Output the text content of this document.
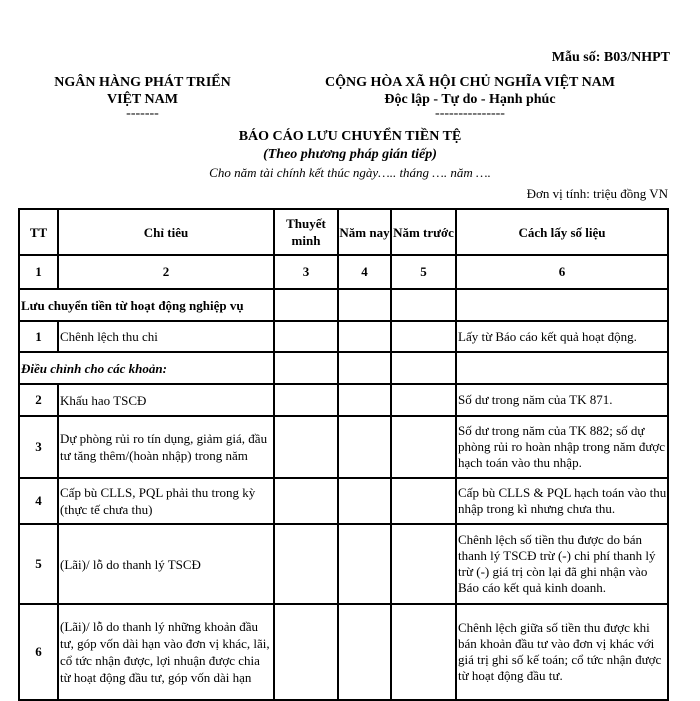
Mẫu số: B03/NHPT
NGÂN HÀNG PHÁT TRIỂN
VIỆT NAM
-------
CỘNG HÒA XÃ HỘI CHỦ NGHĨA VIỆT NAM
Độc lập - Tự do - Hạnh phúc
---------------
BÁO CÁO LƯU CHUYỂN TIỀN TỆ
(Theo phương pháp gián tiếp)
Cho năm tài chính kết thúc ngày….. tháng …. năm ….
Đơn vị tính: triệu đồng VN
TT	Chỉ tiêu	Thuyết minh	Năm nay	Năm trước	Cách lấy số liệu
1	2	3	4	5	6
Lưu chuyển tiền từ hoạt động nghiệp vụ					
1	Chênh lệch thu chi				Lấy từ Báo cáo kết quả hoạt động.
Điều chỉnh cho các khoản:					
2	Khấu hao TSCĐ				Số dư trong năm của TK 871.
3	Dự phòng rủi ro tín dụng, giảm giá, đầu tư tăng thêm/(hoàn nhập) trong năm				Số dư trong năm của TK 882; số dự phòng rủi ro hoàn nhập trong năm được hạch toán vào thu nhập.
4	Cấp bù CLLS, PQL phải thu trong kỳ (thực tế chưa thu)				Cấp bù CLLS & PQL hạch toán vào thu nhập trong kì nhưng chưa thu.
5	(Lãi)/ lỗ do thanh lý TSCĐ				Chênh lệch số tiền thu được do bán thanh lý TSCĐ trừ (-) chi phí thanh lý trừ (-) giá trị còn lại đã ghi nhận vào Báo cáo kết quả kinh doanh.
6	(Lãi)/ lỗ do thanh lý những khoản đầu tư, góp vốn dài hạn vào đơn vị khác, lãi, cổ tức nhận được, lợi nhuận được chia từ hoạt động đầu tư, góp vốn dài hạn				Chênh lệch giữa số tiền thu được khi bán khoản đầu tư vào đơn vị khác với giá trị ghi số kế toán; cổ tức nhận được từ hoạt động đầu tư.
